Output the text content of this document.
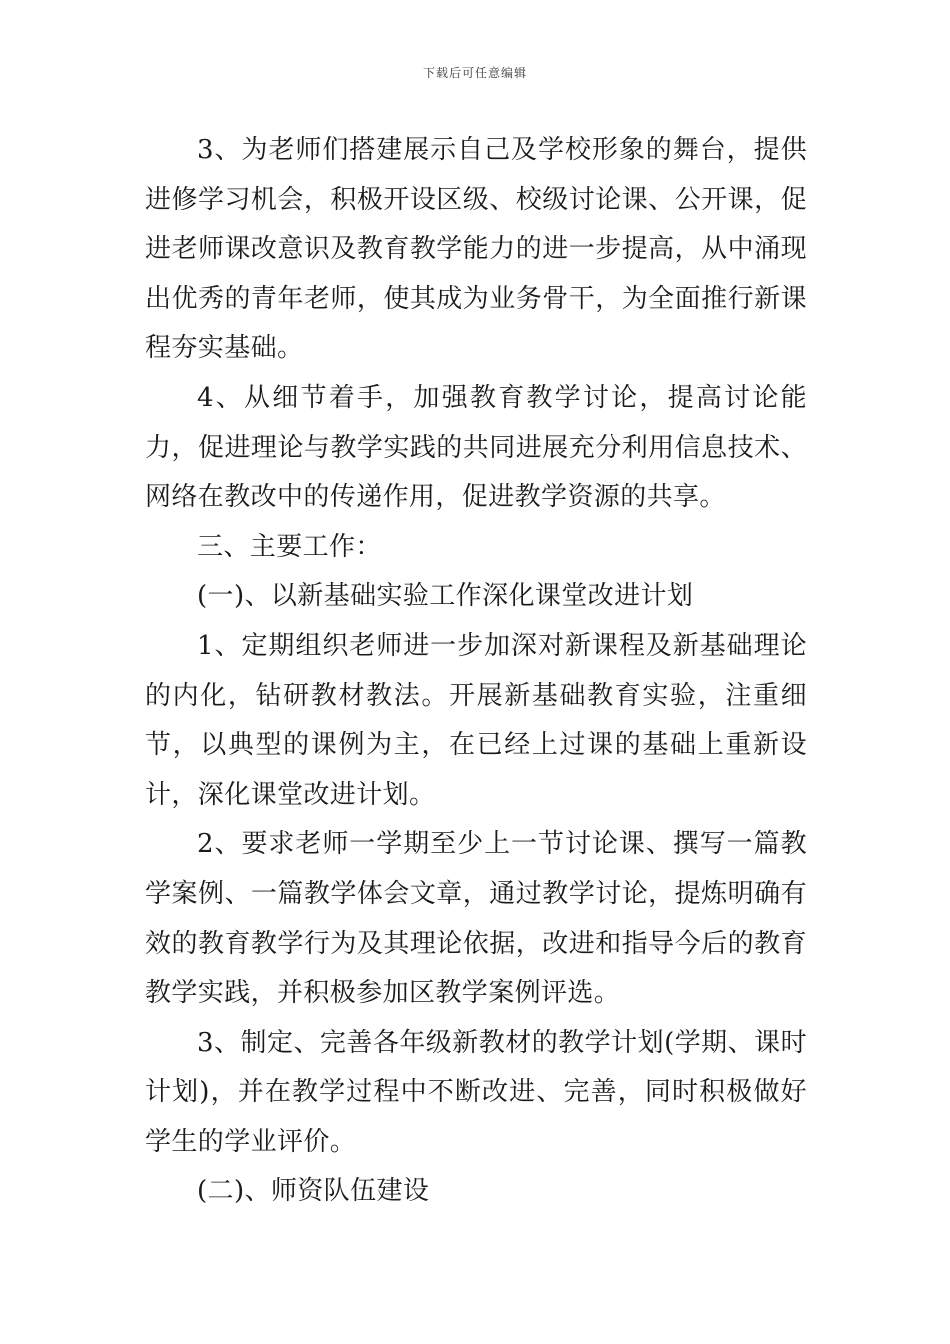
下载后可任意编辑

3、为老师们搭建展示自己及学校形象的舞台，提供进修学习机会，积极开设区级、校级讨论课、公开课，促进老师课改意识及教育教学能力的进一步提高，从中涌现出优秀的青年老师，使其成为业务骨干，为全面推行新课程夯实基础。

4、从细节着手，加强教育教学讨论，提高讨论能力，促进理论与教学实践的共同进展充分利用信息技术、网络在教改中的传递作用，促进教学资源的共享。

三、主要工作：

(一)、以新基础实验工作深化课堂改进计划

1、定期组织老师进一步加深对新课程及新基础理论的内化，钻研教材教法。开展新基础教育实验，注重细节，以典型的课例为主，在已经上过课的基础上重新设计，深化课堂改进计划。

2、要求老师一学期至少上一节讨论课、撰写一篇教学案例、一篇教学体会文章，通过教学讨论，提炼明确有效的教育教学行为及其理论依据，改进和指导今后的教育教学实践，并积极参加区教学案例评选。

3、制定、完善各年级新教材的教学计划(学期、课时计划)，并在教学过程中不断改进、完善，同时积极做好学生的学业评价。

(二)、师资队伍建设
